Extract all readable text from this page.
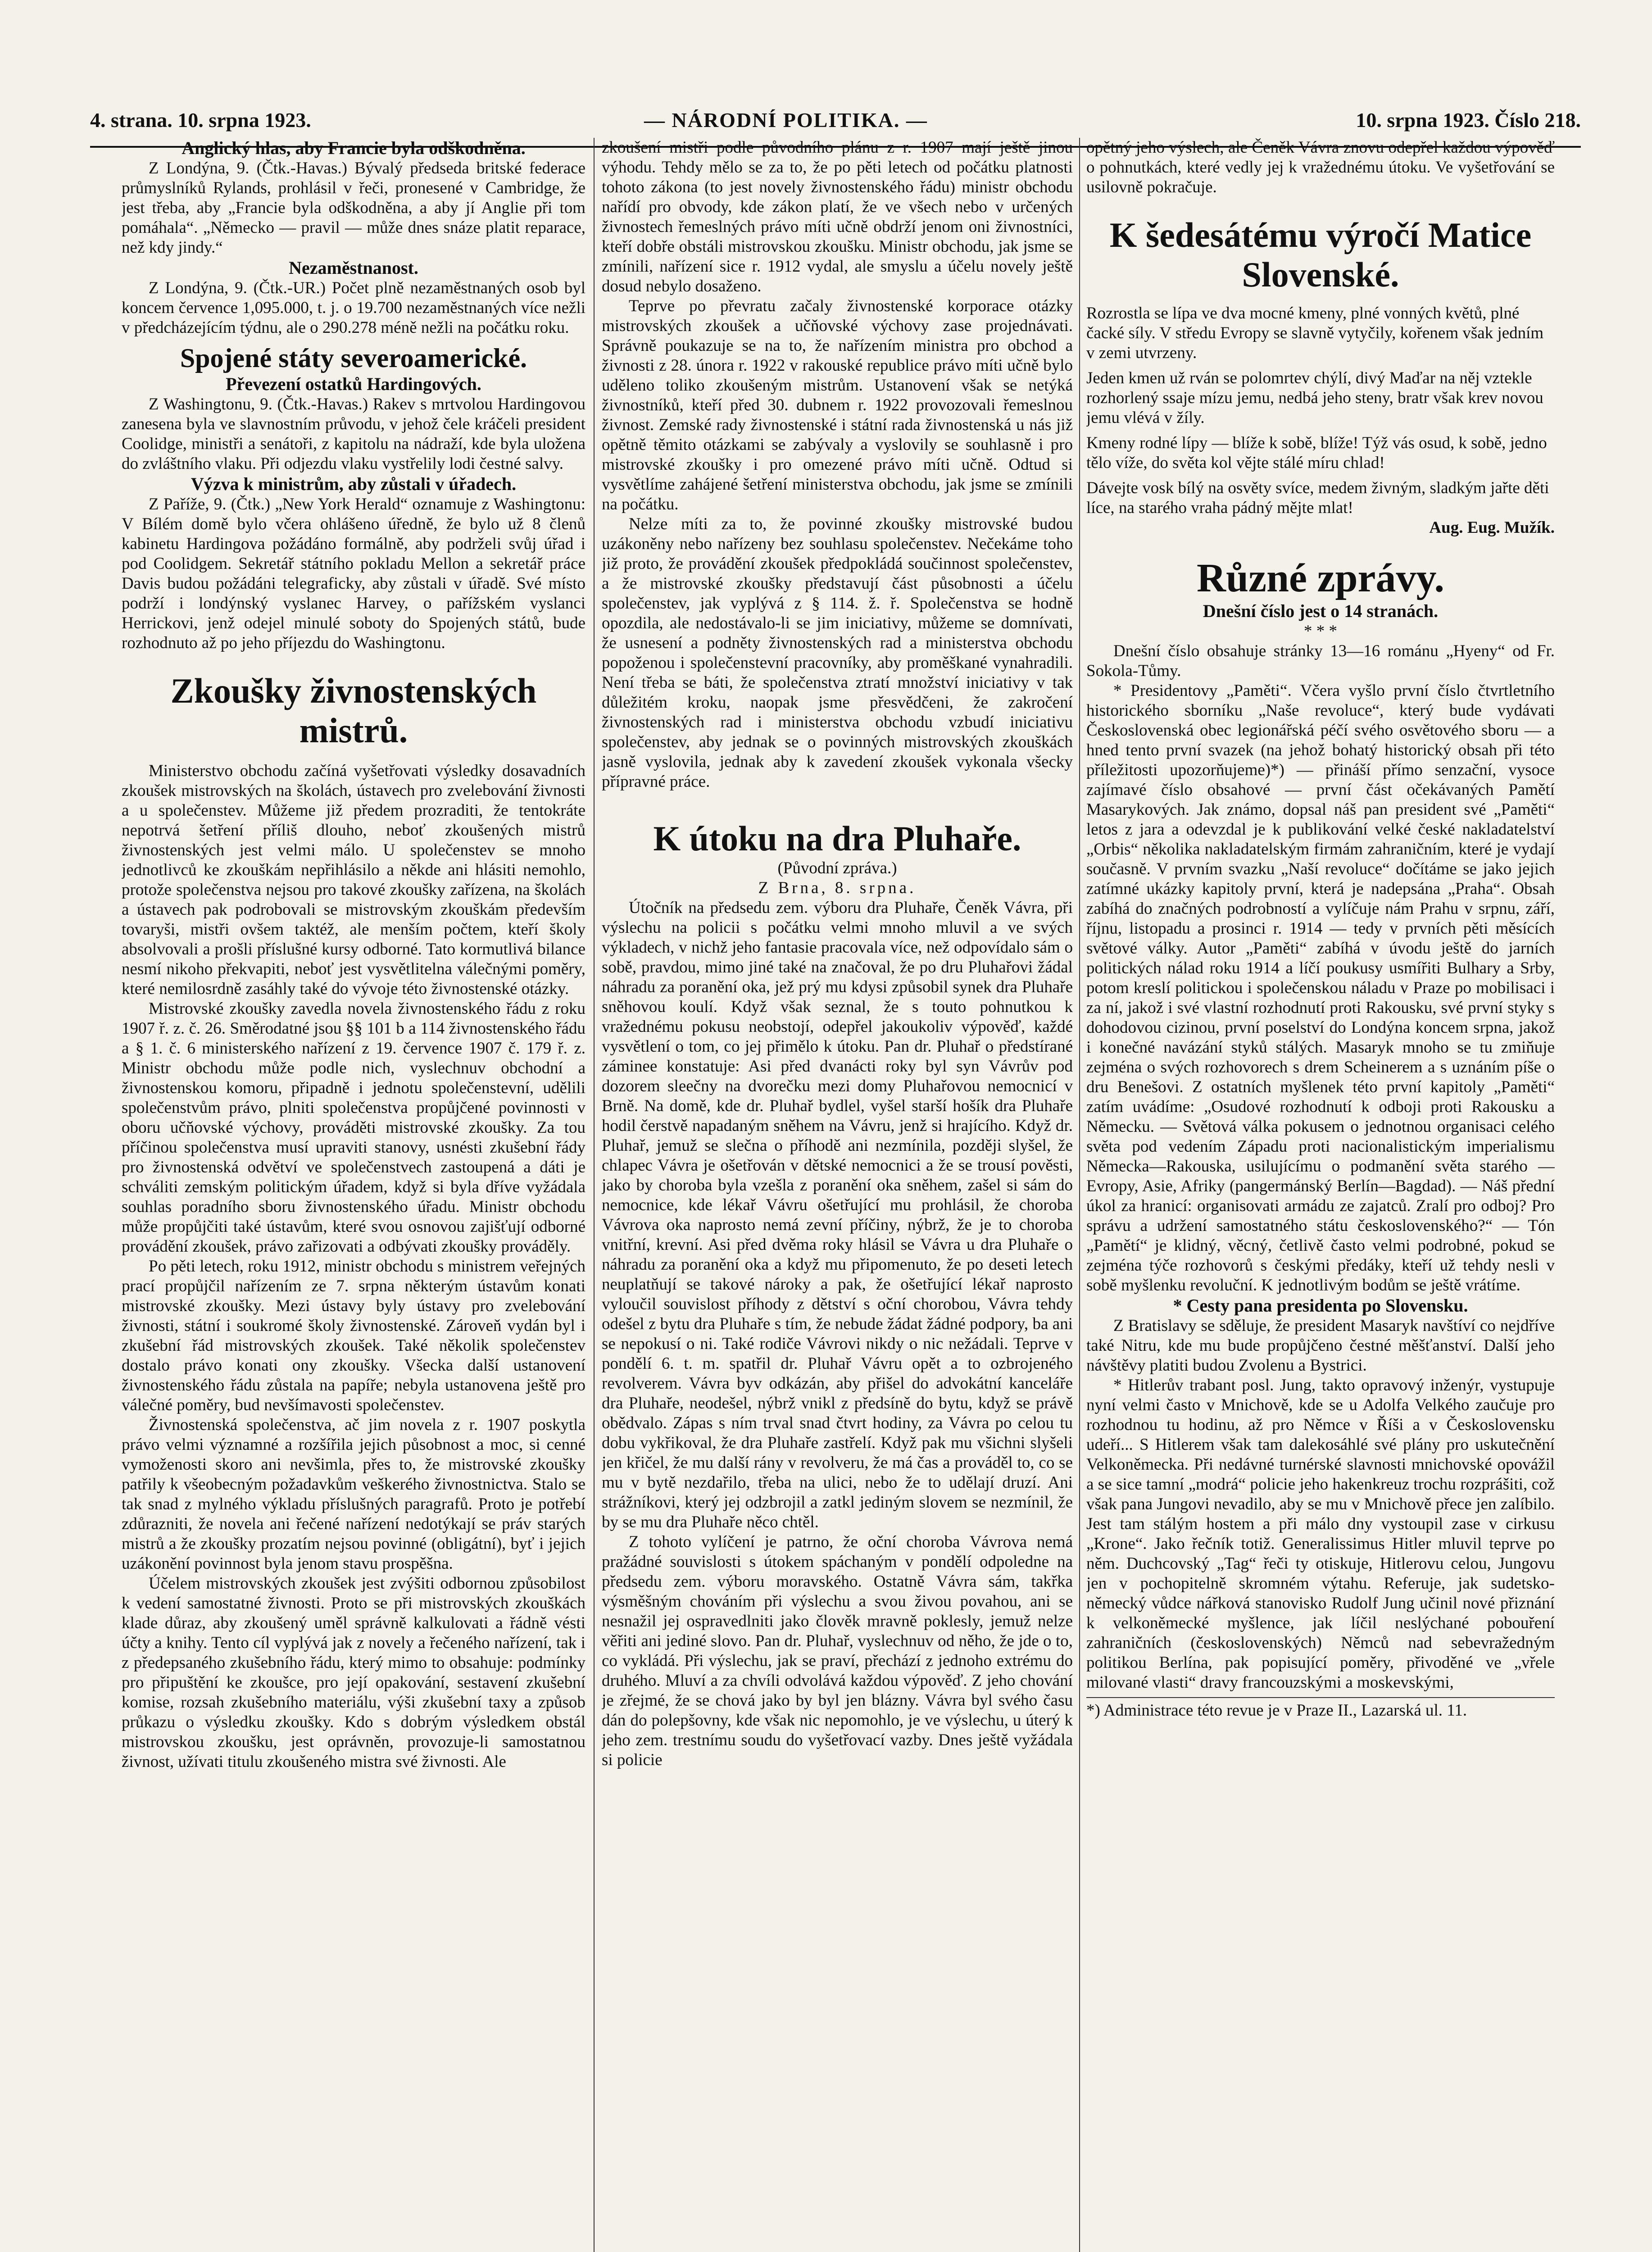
4. strana. 10. srpna 1923.	— NÁRODNÍ POLITIKA. —	10. srpna 1923. Číslo 218.
Anglický hlas, aby Francie byla odškodněna.

Z Londýna, 9. (Čtk.-Havas.) Bývalý předseda britské federace průmyslníků Rylands, prohlásil v řeči, pronesené v Cambridge, že jest třeba, aby „Francie byla odškodněna, a aby jí Anglie při tom pomáhala“. „Německo — pravil — může dnes snáze platit reparace, než kdy jindy.“

Nezaměstnanost.

Z Londýna, 9. (Čtk.-UR.) Počet plně nezaměstnaných osob byl koncem července 1,095.000, t. j. o 19.700 nezaměstnaných více nežli v předcházejícím týdnu, ale o 290.278 méně nežli na počátku roku.

Spojené státy severoamerické.
Převezení ostatků Hardingových.

Z Washingtonu, 9. (Čtk.-Havas.) Rakev s mrtvolou Hardingovou zanesena byla ve slavnostním průvodu, v jehož čele kráčeli president Coolidge, ministři a senátoři, z kapitolu na nádraží, kde byla uložena do zvláštního vlaku. Při odjezdu vlaku vystřelily lodi čestné salvy.

Výzva k ministrům, aby zůstali v úřadech.

Z Paříže, 9. (Čtk.) „New York Herald“ oznamuje z Washingtonu: V Bílém domě bylo včera ohlášeno úředně, že bylo už 8 členů kabinetu Hardingova požádáno formálně, aby podrželi svůj úřad i pod Coolidgem. Sekretář státního pokladu Mellon a sekretář práce Davis budou požádáni telegraficky, aby zůstali v úřadě. Své místo podrží i londýnský vyslanec Harvey, o pařížském vyslanci Herrickovi, jenž odejel minulé soboty do Spojených států, bude rozhodnuto až po jeho příjezdu do Washingtonu.

Zkoušky živnostenských mistrů.

Ministerstvo obchodu začíná vyšetřovati výsledky dosavadních zkoušek mistrovských na školách, ústavech pro zvelebování živnosti a u společenstev. Můžeme již předem prozraditi, že tentokráte nepotrvá šetření příliš dlouho, neboť zkoušených mistrů živnostenských jest velmi málo. U společenstev se mnoho jednotlivců ke zkouškám nepřihlásilo a někde ani hlásiti nemohlo, protože společenstva nejsou pro takové zkoušky zařízena, na školách a ústavech pak podrobovali se mistrovským zkouškám především tovaryši, mistři ovšem taktéž, ale menším počtem, kteří školy absolvovali a prošli příslušné kursy odborné. Tato kormutlivá bilance nesmí nikoho překvapiti, neboť jest vysvětlitelna válečnými poměry, které nemilosrdně zasáhly také do vývoje této živnostenské otázky.

Mistrovské zkoušky zavedla novela živnostenského řádu z roku 1907 ř. z. č. 26. Směrodatné jsou §§ 101 b a 114 živnostenského řádu a § 1. č. 6 ministerského nařízení z 19. července 1907 č. 179 ř. z. Ministr obchodu může podle nich, vyslechnuv obchodní a živnostenskou komoru, připadně i jednotu společenstevní, udělili společenstvům právo, plniti společenstva propůjčené povinnosti v oboru učňovské výchovy, prováděti mistrovské zkoušky. Za tou příčinou společenstva musí upraviti stanovy, usnésti zkušební řády pro živnostenská odvětví ve společenstvech zastoupená a dáti je schváliti zemským politickým úřadem, když si byla dříve vyžádala souhlas poradního sboru živnostenského úřadu. Ministr obchodu může propůjčiti také ústavům, které svou osnovou zajišťují odborné provádění zkoušek, právo zařizovati a odbývati zkoušky prováděly.

Po pěti letech, roku 1912, ministr obchodu s ministrem veřejných prací propůjčil nařízením ze 7. srpna některým ústavům konati mistrovské zkoušky. Mezi ústavy byly ústavy pro zvelebování živnosti, státní i soukromé školy živnostenské. Zároveň vydán byl i zkušební řád mistrovských zkoušek. Také několik společenstev dostalo právo konati ony zkoušky. Všecka další ustanovení živnostenského řádu zůstala na papíře; nebyla ustanovena ještě pro válečné poměry, bud nevšímavosti společenstev.

Živnostenská společenstva, ač jim novela z r. 1907 poskytla právo velmi významné a rozšířila jejich působnost a moc, si cenné vymoženosti skoro ani nevšimla, přes to, že mistrovské zkoušky patřily k všeobecným požadavkům veškerého živnostnictva. Stalo se tak snad z mylného výkladu příslušných paragrafů. Proto je potřebí zdůrazniti, že novela ani řečené nařízení nedotýkají se práv starých mistrů a že zkoušky prozatím nejsou povinné (obligátní), byť i jejich uzákonění povinnost byla jenom stavu prospěšna.

Účelem mistrovských zkoušek jest zvýšiti odbornou způsobilost k vedení samostatné živnosti. Proto se při mistrovských zkouškách klade důraz, aby zkoušený uměl správně kalkulovati a řádně vésti účty a knihy. Tento cíl vyplývá jak z novely a řečeného nařízení, tak i z předepsaného zkušebního řádu, který mimo to obsahuje: podmínky pro připuštění ke zkoušce, pro její opakování, sestavení zkušební komise, rozsah zkušebního materiálu, výši zkušební taxy a způsob průkazu o výsledku zkoušky. Kdo s dobrým výsledkem obstál mistrovskou zkoušku, jest oprávněn, provozuje-li samostatnou živnost, užívati titulu zkoušeného mistra své živnosti. Ale

zkoušení mistři podle původního plánu z r. 1907 mají ještě jinou výhodu. Tehdy mělo se za to, že po pěti letech od počátku platnosti tohoto zákona (to jest novely živnostenského řádu) ministr obchodu nařídí pro obvody, kde zákon platí, že ve všech nebo v určených živnostech řemeslných právo míti učně obdrží jenom oni živnostníci, kteří dobře obstáli mistrovskou zkoušku. Ministr obchodu, jak jsme se zmínili, nařízení sice r. 1912 vydal, ale smyslu a účelu novely ještě dosud nebylo dosaženo.

Teprve po převratu začaly živnostenské korporace otázky mistrovských zkoušek a učňovské výchovy zase projednávati. Správně poukazuje se na to, že nařízením ministra pro obchod a živnosti z 28. února r. 1922 v rakouské republice právo míti učně bylo uděleno toliko zkoušeným mistrům. Ustanovení však se netýká živnostníků, kteří před 30. dubnem r. 1922 provozovali řemeslnou živnost. Zemské rady živnostenské i státní rada živnostenská u nás již opětně těmito otázkami se zabývaly a vyslovily se souhlasně i pro mistrovské zkoušky i pro omezené právo míti učně. Odtud si vysvětlíme zahájené šetření ministerstva obchodu, jak jsme se zmínili na počátku.

Nelze míti za to, že povinné zkoušky mistrovské budou uzákoněny nebo nařízeny bez souhlasu společenstev. Nečekáme toho již proto, že provádění zkoušek předpokládá součinnost společenstev, a že mistrovské zkoušky představují část působnosti a účelu společenstev, jak vyplývá z § 114. ž. ř. Společenstva se hodně opozdila, ale nedostávalo-li se jim iniciativy, můžeme se domnívati, že usnesení a podněty živnostenských rad a ministerstva obchodu popoženou i společenstevní pracovníky, aby proměškané vynahradili. Není třeba se báti, že společenstva ztratí množství iniciativy v tak důležitém kroku, naopak jsme přesvědčeni, že zakročení živnostenských rad i ministerstva obchodu vzbudí iniciativu společenstev, aby jednak se o povinných mistrovských zkouškách jasně vyslovila, jednak aby k zavedení zkoušek vykonala všecky přípravné práce.

K útoku na dra Pluhaře.

(Původní zpráva.)

Z Brna, 8. srpna.

Útočník na předsedu zem. výboru dra Pluhaře, Čeněk Vávra, při výslechu na policii s počátku velmi mnoho mluvil a ve svých výkladech, v nichž jeho fantasie pracovala více, než odpovídalo sám o sobě, pravdou, mimo jiné také na značoval, že po dru Pluhařovi žádal náhradu za poranění oka, jež prý mu kdysi způsobil synek dra Pluhaře sněhovou koulí. Když však seznal, že s touto pohnutkou k vražednému pokusu neobstojí, odepřel jakoukoliv výpověď, každé vysvětlení o tom, co jej přimělo k útoku. Pan dr. Pluhař o předstírané záminee konstatuje: Asi před dvanácti roky byl syn Vávrův pod dozorem sleečny na dvorečku mezi domy Pluhařovou nemocnicí v Brně. Na domě, kde dr. Pluhař bydlel, vyšel starší hošík dra Pluhaře hodil čerstvě napadaným sněhem na Vávru, jenž si hrajícího. Když dr. Pluhař, jemuž se slečna o příhodě ani nezmínila, později slyšel, že chlapec Vávra je ošetřován v dětské nemocnici a že se trousí pověsti, jako by choroba byla vzešla z poranění oka sněhem, zašel si sám do nemocnice, kde lékař Vávru ošetřující mu prohlásil, že choroba Vávrova oka naprosto nemá zevní příčiny, nýbrž, že je to choroba vnitřní, krevní. Asi před dvěma roky hlásil se Vávra u dra Pluhaře o náhradu za poranění oka a když mu připomenuto, že po deseti letech neuplatňují se takové nároky a pak, že ošetřující lékař naprosto vyloučil souvislost příhody z dětství s oční chorobou, Vávra tehdy odešel z bytu dra Pluhaře s tím, že nebude žádat žádné podpory, ba ani se nepokusí o ni. Také rodiče Vávrovi nikdy o nic nežádali. Teprve v pondělí 6. t. m. spatřil dr. Pluhař Vávru opět a to ozbrojeného revolverem. Vávra byv odkázán, aby přišel do advokátní kanceláře dra Pluhaře, neodešel, nýbrž vnikl z předsíně do bytu, když se právě obědvalo. Zápas s ním trval snad čtvrt hodiny, za Vávra po celou tu dobu vykřikoval, že dra Pluhaře zastřelí. Když pak mu všichni slyšeli jen křičel, že mu další rány v revolveru, že má čas a prováděl to, co se mu v bytě nezdařilo, třeba na ulici, nebo že to udělají druzí. Ani strážníkovi, který jej odzbrojil a zatkl jediným slovem se nezmínil, že by se mu dra Pluhaře něco chtěl.

Z tohoto vylíčení je patrno, že oční choroba Vávrova nemá pražádné souvislosti s útokem spáchaným v pondělí odpoledne na předsedu zem. výboru moravského. Ostatně Vávra sám, takřka výsměšným chováním při výslechu a svou živou povahou, ani se nesnažil jej ospravedlniti jako člověk mravně poklesly, jemuž nelze věřiti ani jediné slovo. Pan dr. Pluhař, vyslechnuv od něho, že jde o to, co vykládá. Při výslechu, jak se praví, přechází z jednoho extrému do druhého. Mluví a za chvíli odvolává každou výpověď. Z jeho chování je zřejmé, že se chová jako by byl jen blázny. Vávra byl svého času dán do polepšovny, kde však nic nepomohlo, je ve výslechu, u úterý k jeho zem. trestnímu soudu do vyšetřovací vazby. Dnes ještě vyžádala si policie

opětný jeho výslech, ale Čeněk Vávra znovu odepřel každou výpověď o pohnutkách, které vedly jej k vražednému útoku. Ve vyšetřování se usilovně pokračuje.

K šedesátému výročí Matice Slovenské.

Rozrostla se lípa ve dva mocné kmeny, plné vonných květů, plné čacké síly. V středu Evropy se slavně vytyčily, kořenem však jedním v zemi utvrzeny.

Jeden kmen už rván se polomrtev chýlí, divý Maďar na něj vztekle rozhorlený ssaje mízu jemu, nedbá jeho steny, bratr však krev novou jemu vlévá v žíly.

Kmeny rodné lípy — blíže k sobě, blíže! Týž vás osud, k sobě, jedno tělo víže, do světa kol vějte stálé míru chlad!

Dávejte vosk bílý na osvěty svíce, medem živným, sladkým jařte děti líce, na starého vraha pádný mějte mlat!

Aug. Eug. Mužík.

Různé zprávy.
Dnešní číslo jest o 14 stranách.

* * *

Dnešní číslo obsahuje stránky 13—16 románu „Hyeny“ od Fr. Sokola-Tůmy.

* Presidentovy „Paměti“. Včera vyšlo první číslo čtvrtletního historického sborníku „Naše revoluce“, který bude vydávati Československá obec legionářská péčí svého osvětového sboru — a hned tento první svazek (na jehož bohatý historický obsah při této příležitosti upozorňujeme)*) — přináší přímo senzační, vysoce zajímavé číslo obsahové — první část očekávaných Pamětí Masarykových. Jak známo, dopsal náš pan president své „Paměti“ letos z jara a odevzdal je k publikování velké české nakladatelství „Orbis“ několika nakladatelským firmám zahraničním, které je vydají současně. V prvním svazku „Naší revoluce“ dočítáme se jako jejich zatímné ukázky kapitoly první, která je nadepsána „Praha“. Obsah zabíhá do značných podrobností a vylíčuje nám Prahu v srpnu, září, říjnu, listopadu a prosinci r. 1914 — tedy v prvních pěti měsících světové války. Autor „Paměti“ zabíhá v úvodu ještě do jarních politických nálad roku 1914 a líčí poukusy usmířiti Bulhary a Srby, potom kreslí politickou i společenskou náladu v Praze po mobilisaci i za ní, jakož i své vlastní rozhodnutí proti Rakousku, své první styky s dohodovou cizinou, první poselství do Londýna koncem srpna, jakož i konečné navázání styků stálých. Masaryk mnoho se tu zmiňuje zejména o svých rozhovorech s drem Scheinerem a s uznáním píše o dru Benešovi. Z ostatních myšlenek této první kapitoly „Paměti“ zatím uvádíme: „Osudové rozhodnutí k odboji proti Rakousku a Německu. — Světová válka pokusem o jednotnou organisaci celého světa pod vedením Západu proti nacionalistickým imperialismu Německa—Rakouska, usilujícímu o podmanění světa starého — Evropy, Asie, Afriky (pangermánský Berlín—Bagdad). — Náš přední úkol za hranicí: organisovati armádu ze zajatců. Zralí pro odboj? Pro správu a udržení samostatného státu československého?“ — Tón „Pamětí“ je klidný, věcný, četlivě často velmi podrobné, pokud se zejména týče rozhovorů s českými předáky, kteří už tehdy nesli v sobě myšlenku revoluční. K jednotlivým bodům se ještě vrátíme.

* Cesty pana presidenta po Slovensku.

Z Bratislavy se sděluje, že president Masaryk navštíví co nejdříve také Nitru, kde mu bude propůjčeno čestné měšťanství. Další jeho návštěvy platiti budou Zvolenu a Bystrici.

* Hitlerův trabant posl. Jung, takto opravový inženýr, vystupuje nyní velmi často v Mnichově, kde se u Adolfa Velkého zaučuje pro rozhodnou tu hodinu, až pro Němce v Říši a v Československu udeří... S Hitlerem však tam dalekosáhlé své plány pro uskutečnění Velkoněmecka. Při nedávné turnérské slavnosti mnichovské opovážil a se sice tamní „modrá“ policie jeho hakenkreuz trochu rozprášiti, což však pana Jungovi nevadilo, aby se mu v Mnichově přece jen zalíbilo. Jest tam stálým hostem a při málo dny vystoupil zase v cirkusu „Krone“. Jako řečník totiž. Generalissimus Hitler mluvil teprve po něm. Duchcovský „Tag“ řeči ty otiskuje, Hitlerovu celou, Jungovu jen v pochopitelně skromném výtahu. Referuje, jak sudetsko-německý vůdce nářková stanovisko Rudolf Jung učinil nové přiznání k velkoněmecké myšlence, jak líčil neslýchané pobouření zahraničních (československých) Němců nad sebevražedným politikou Berlína, pak popisující poměry, přivoděné ve „vřele milované vlasti“ dravy francouzskými a moskevskými,

*) Administrace této revue je v Praze II., Lazarská ul. 11.
